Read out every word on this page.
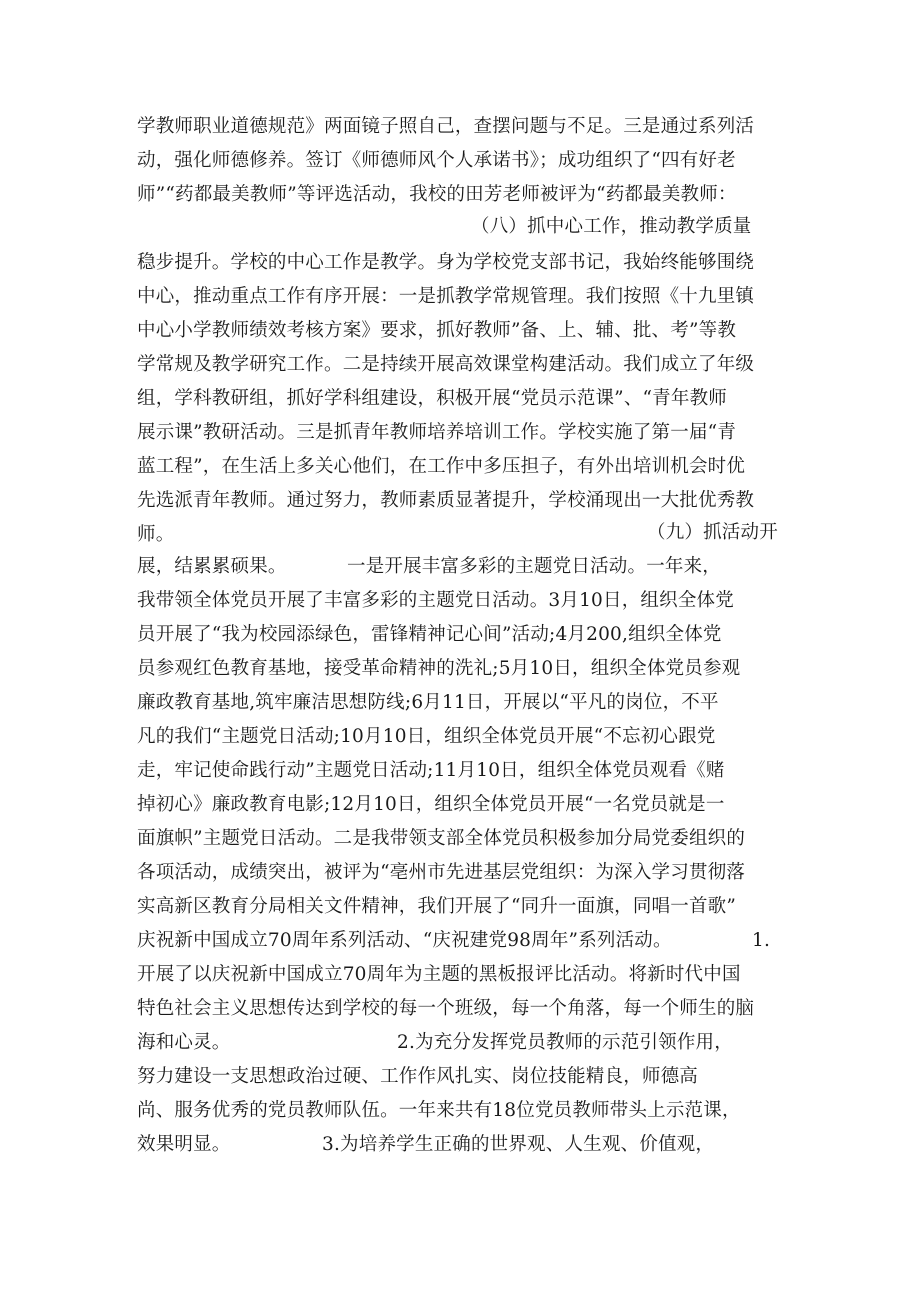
学教师职业道德规范》两面镜子照自己，查摆问题与不足。三是通过系列活
动，强化师德修养。签订《师德师风个人承诺书》；成功组织了“四有好老
师”“药都最美教师”等评选活动，我校的田芳老师被评为“药都最美教师：
（八）抓中心工作，推动教学质量
稳步提升。学校的中心工作是教学。身为学校党支部书记，我始终能够围绕
中心，推动重点工作有序开展：一是抓教学常规管理。我们按照《十九里镇
中心小学教师绩效考核方案》要求，抓好教师”备、上、辅、批、考”等教
学常规及教学研究工作。二是持续开展高效课堂构建活动。我们成立了年级
组，学科教研组，抓好学科组建设，积极开展“党员示范课”、“青年教师
展示课”教研活动。三是抓青年教师培养培训工作。学校实施了第一届“青
蓝工程”，在生活上多关心他们，在工作中多压担子，有外出培训机会时优
先选派青年教师。通过努力，教师素质显著提升，学校涌现出一大批优秀教
师。	（九）抓活动开
展，结累累硕果。	一是开展丰富多彩的主题党日活动。一年来，
我带领全体党员开展了丰富多彩的主题党日活动。3月10日，组织全体党
员开展了“我为校园添绿色，雷锋精神记心间”活动;4月200,组织全体党
员参观红色教育基地，接受革命精神的洗礼;5月10日，组织全体党员参观
廉政教育基地,筑牢廉洁思想防线;6月11日，开展以“平凡的岗位，不平
凡的我们“主题党日活动;10月10日，组织全体党员开展“不忘初心跟党
走，牢记使命践行动”主题党日活动;11月10日，组织全体党员观看《赌
掉初心》廉政教育电影;12月10日，组织全体党员开展“一名党员就是一
面旗帜”主题党日活动。二是我带领支部全体党员积极参加分局党委组织的
各项活动，成绩突出，被评为“亳州市先进基层党组织：为深入学习贯彻落
实高新区教育分局相关文件精神，我们开展了“同升一面旗，同唱一首歌”
庆祝新中国成立70周年系列活动、“庆祝建党98周年”系列活动。	1.
开展了以庆祝新中国成立70周年为主题的黑板报评比活动。将新时代中国
特色社会主义思想传达到学校的每一个班级，每一个角落，每一个师生的脑
海和心灵。	2.为充分发挥党员教师的示范引领作用，
努力建设一支思想政治过硬、工作作风扎实、岗位技能精良，师德高
尚、服务优秀的党员教师队伍。一年来共有18位党员教师带头上示范课，
效果明显。	3.为培养学生正确的世界观、人生观、价值观，
